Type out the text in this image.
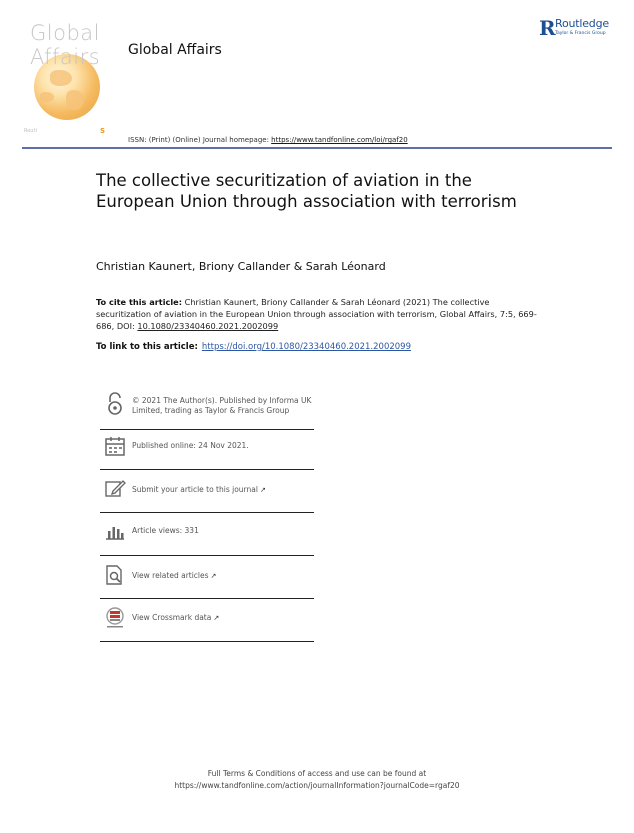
Global
Affairs
Routl	S
Global Affairs
R Routledge
Taylor & Francis Group
ISSN: (Print) (Online) Journal homepage: https://www.tandfonline.com/loi/rgaf20
The collective securitization of aviation in the European Union through association with terrorism
Christian Kaunert, Briony Callander & Sarah Léonard
To cite this article: Christian Kaunert, Briony Callander & Sarah Léonard (2021) The collective securitization of aviation in the European Union through association with terrorism, Global Affairs, 7:5, 669-686, DOI: 10.1080/23340460.2021.2002099
To link to this article: https://doi.org/10.1080/23340460.2021.2002099
© 2021 The Author(s). Published by Informa UK Limited, trading as Taylor & Francis Group
Published online: 24 Nov 2021.
Submit your article to this journal ↗
Article views: 331
View related articles ↗
View Crossmark data ↗
Full Terms & Conditions of access and use can be found at
https://www.tandfonline.com/action/journalInformation?journalCode=rgaf20
